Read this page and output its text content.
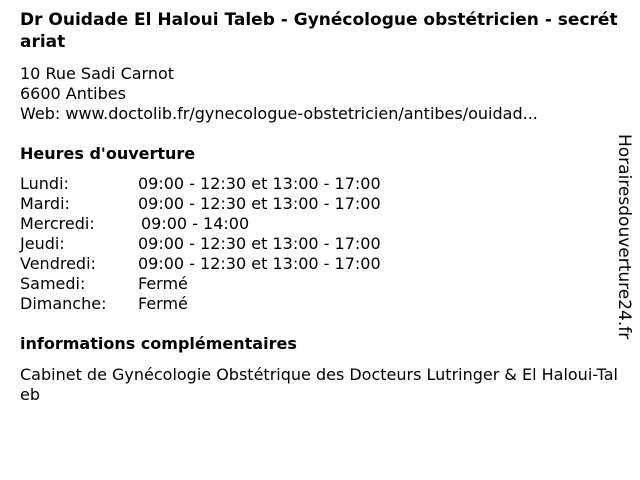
Dr Ouidade El Haloui Taleb - Gynécologue obstétricien - secrétariat
10 Rue Sadi Carnot
6600 Antibes
Web: www.doctolib.fr/gynecologue-obstetricien/antibes/ouidad...
Heures d'ouverture
Lundi:	09:00 - 12:30 et 13:00 - 17:00
Mardi:	09:00 - 12:30 et 13:00 - 17:00
Mercredi:	09:00 - 14:00
Jeudi:	09:00 - 12:30 et 13:00 - 17:00
Vendredi:	09:00 - 12:30 et 13:00 - 17:00
Samedi:	Fermé
Dimanche: Fermé
informations complémentaires
Cabinet de Gynécologie Obstétrique des Docteurs Lutringer & El Haloui-Taleb
Horairesdouverture24.fr
